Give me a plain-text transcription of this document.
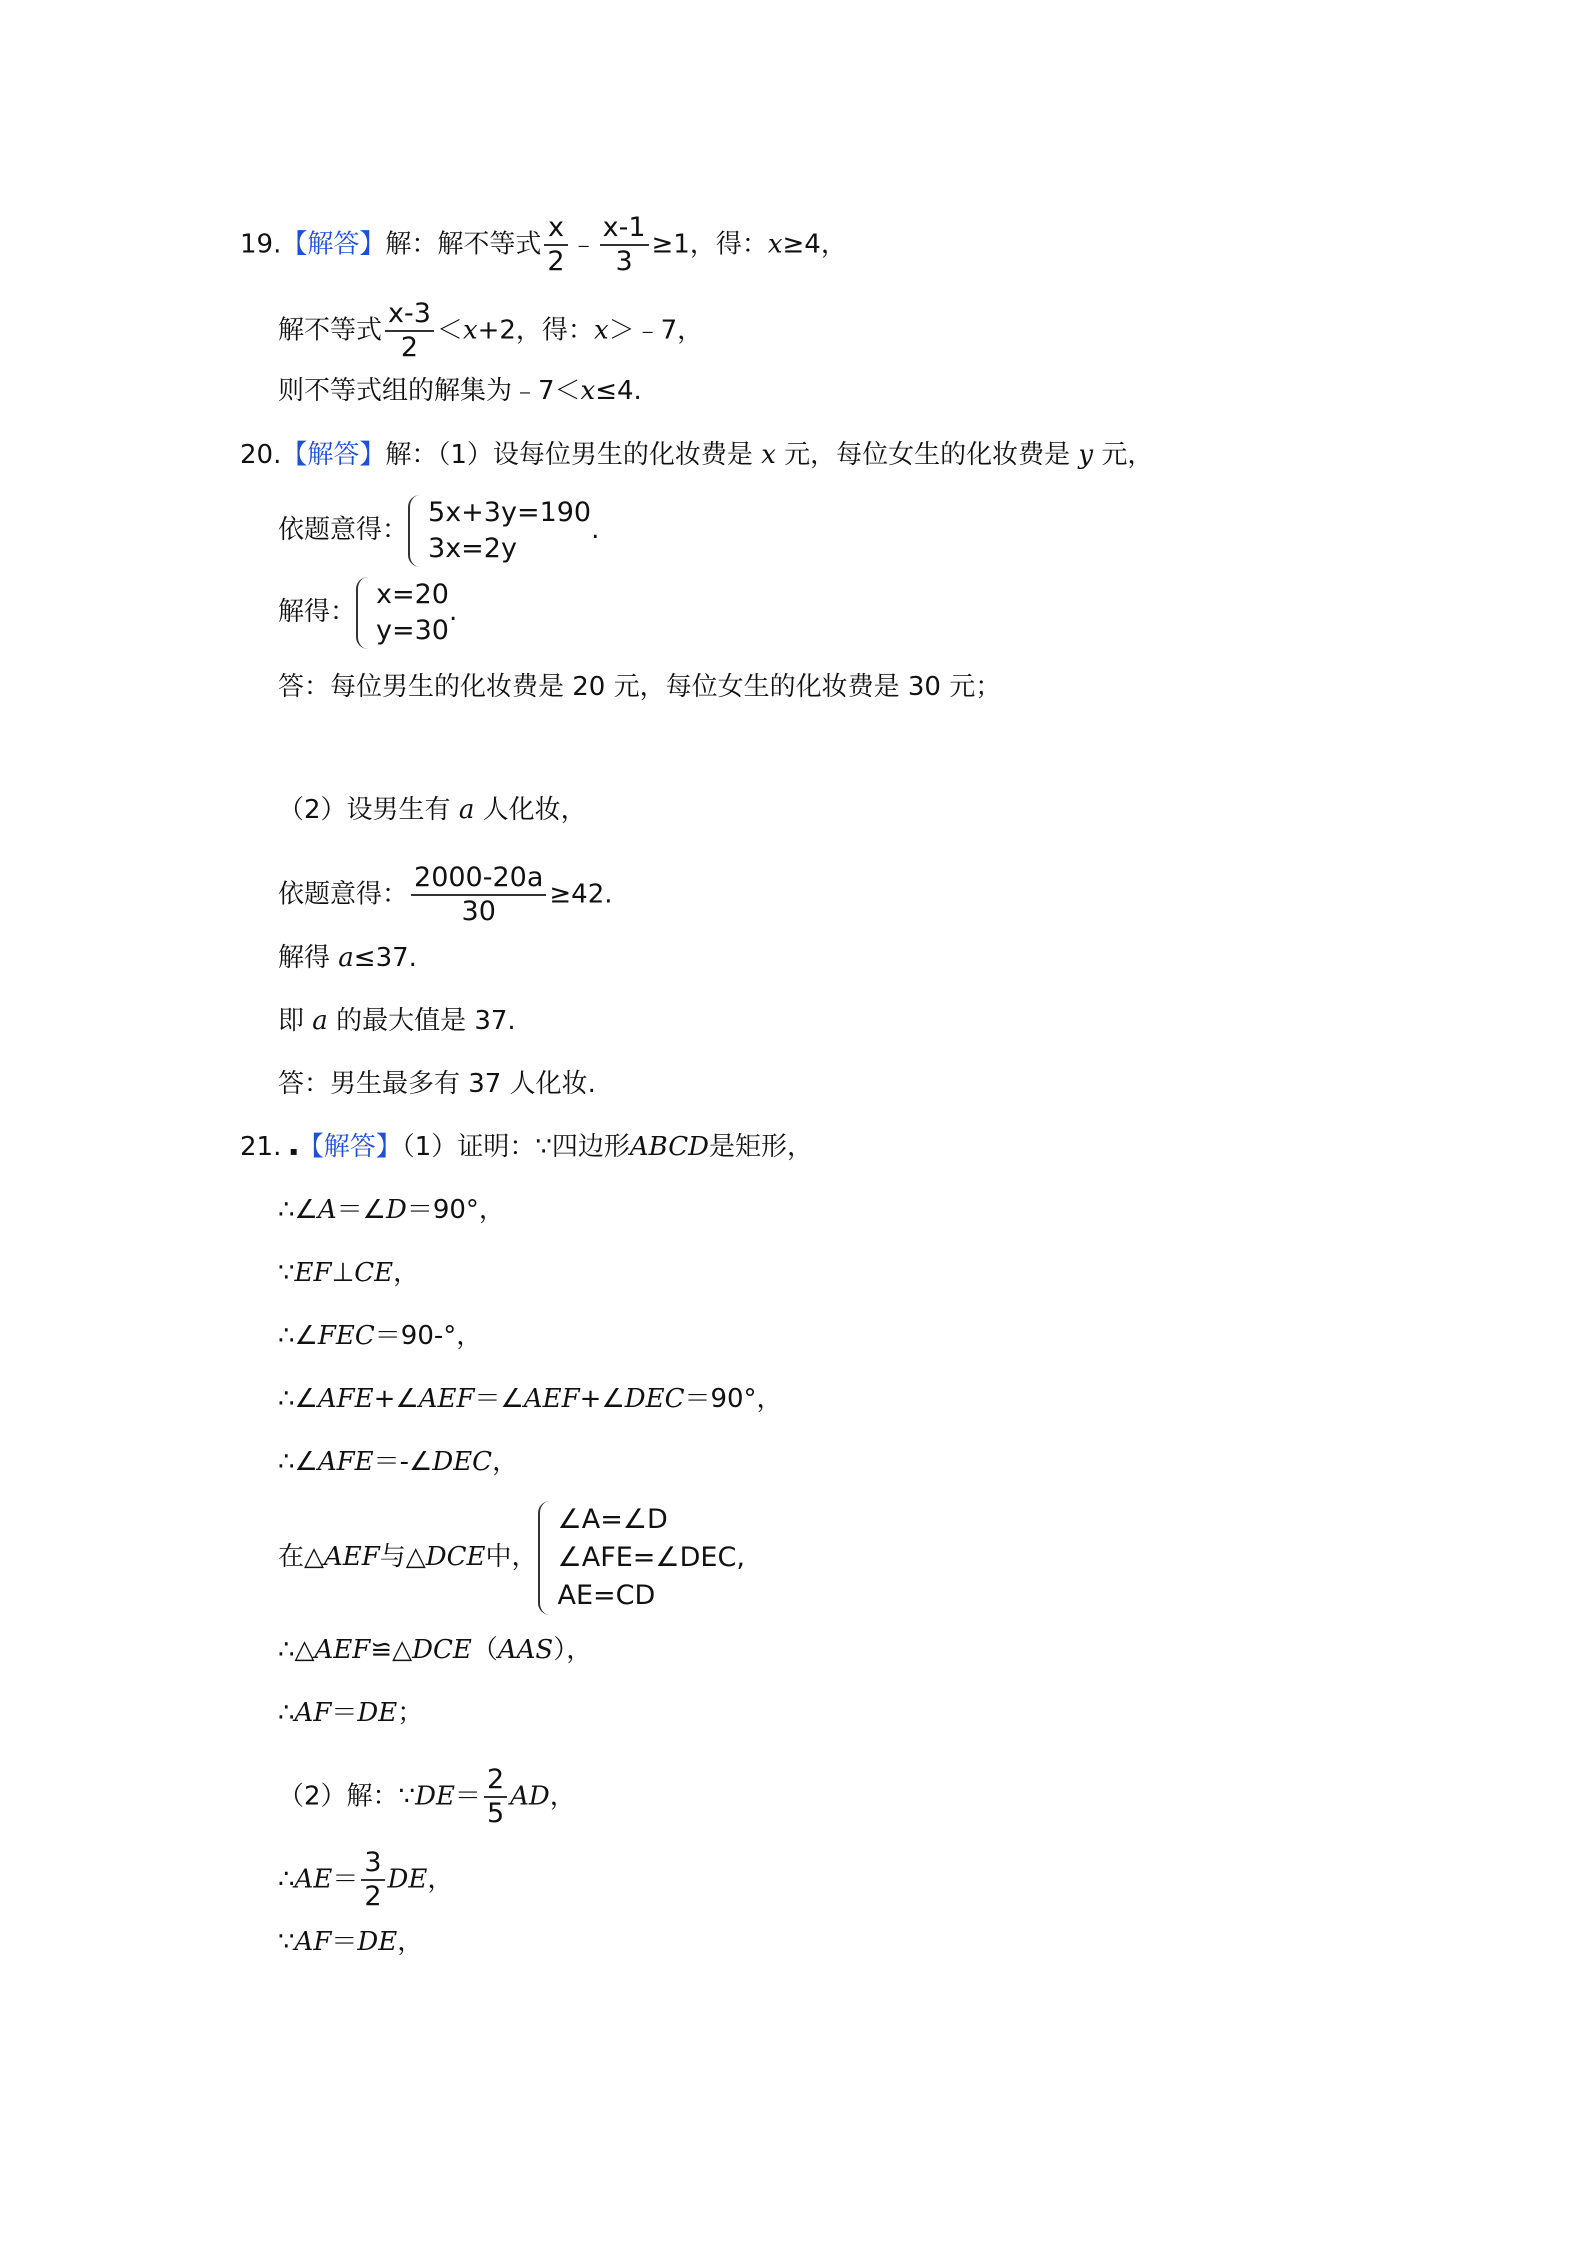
19.【解答】解：解不等式 $\frac{x}{2}$ ﹣ $\frac{x-1}{3} \ge 1$，得：x≥4，
解不等式 $\frac{x-3}{2} <x+2$，得：x＞﹣7，
则不等式组的解集为﹣7＜x≤4.
20.【解答】解：（1）设每位男生的化妆费是 x 元，每位女生的化妆费是 y 元，
依题意得：
5x+3y=190
3x=2y
.
解得：
x=20
y=30
.
答：每位男生的化妆费是 20 元，每位女生的化妆费是 30 元；
（2）设男生有 a 人化妆，
依题意得： $\frac{2000-20a}{30} \ge 42$.
解得 a≤37.
即 a 的最大值是 37.
答：男生最多有 37 人化妆.
21. ▪【解答】（1）证明：∵四边形ABCD是矩形，
∴∠A＝∠D＝90°，
∵EF⊥CE，
∴∠FEC＝90-°，
∴∠AFE+∠AEF＝∠AEF+∠DEC＝90°，
∴∠AFE＝-∠DEC，
在△AEF与△DCE中，
∠A=∠D
∠AFE=∠DEC,
AE=CD
∴△AEF≌△DCE（AAS），
∴AF＝DE；
（2）解：∵DE＝ $\frac{2}{5}$ AD，
∴AE＝ $\frac{3}{2}$ DE，
∵AF＝DE，
